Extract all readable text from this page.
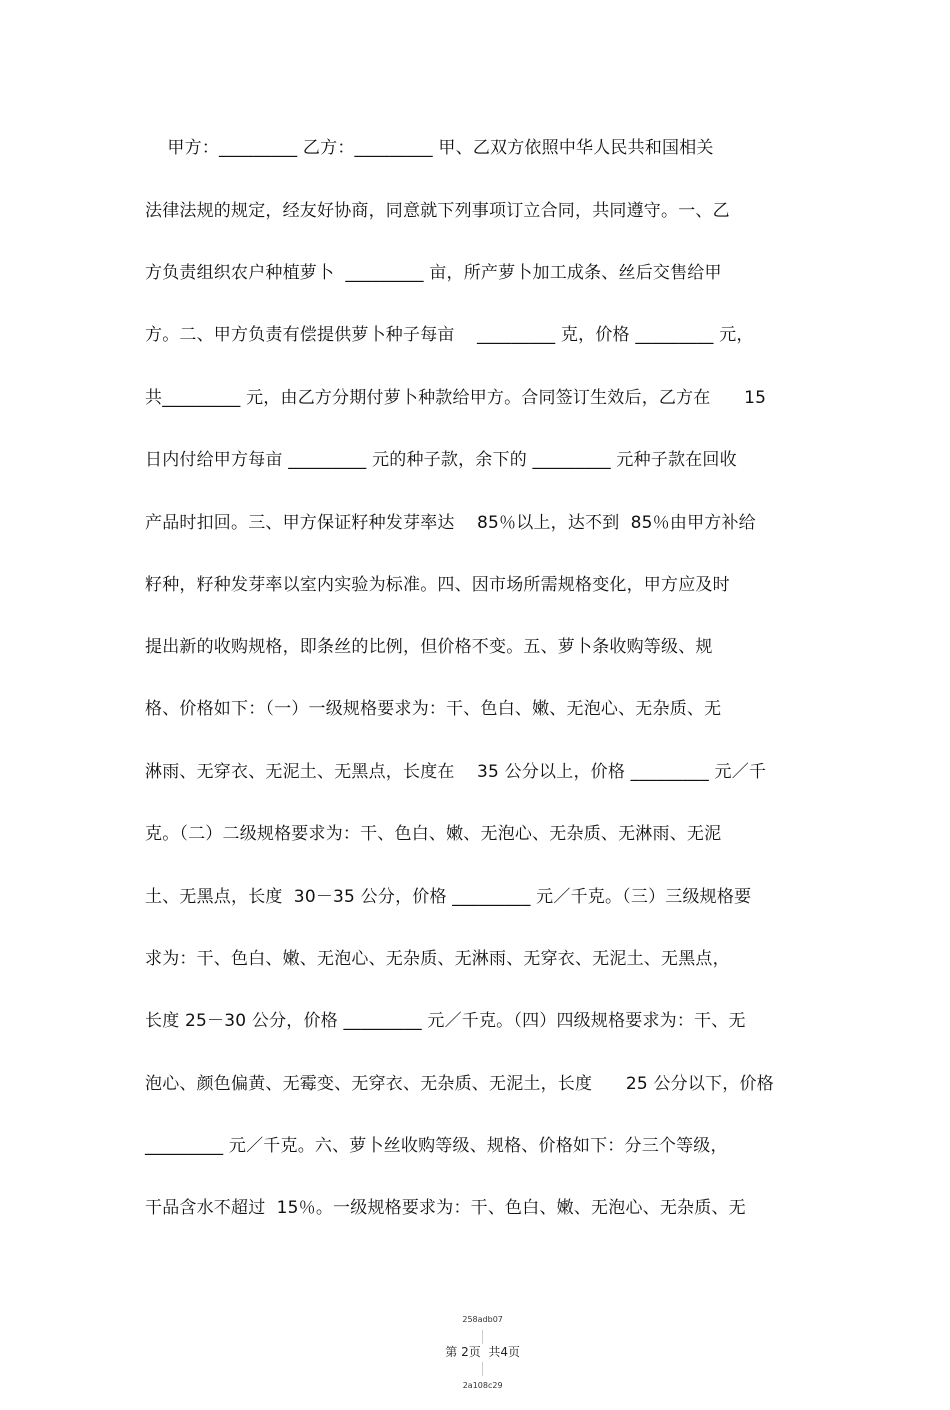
甲方：_________ 乙方：_________ 甲、乙双方依照中华人民共和国相关
法律法规的规定，经友好协商，同意就下列事项订立合同，共同遵守。一、乙
方负责组织农户种植萝卜  _________ 亩，所产萝卜加工成条、丝后交售给甲
方。二、甲方负责有偿提供萝卜种子每亩    _________ 克，价格 _________ 元，
共_________ 元，由乙方分期付萝卜种款给甲方。合同签订生效后，乙方在      15
日内付给甲方每亩 _________ 元的种子款，余下的 _________ 元种子款在回收
产品时扣回。三、甲方保证籽种发芽率达    85％以上，达不到  85％由甲方补给
籽种，籽种发芽率以室内实验为标准。四、因市场所需规格变化，甲方应及时
提出新的收购规格，即条丝的比例，但价格不变。五、萝卜条收购等级、规
格、价格如下：（一）一级规格要求为：干、色白、嫩、无泡心、无杂质、无
淋雨、无穿衣、无泥土、无黑点，长度在    35 公分以上，价格 _________ 元／千
克。（二）二级规格要求为：干、色白、嫩、无泡心、无杂质、无淋雨、无泥
土、无黑点，长度  30－35 公分，价格 _________ 元／千克。（三）三级规格要
求为：干、色白、嫩、无泡心、无杂质、无淋雨、无穿衣、无泥土、无黑点，
长度 25－30 公分，价格 _________ 元／千克。（四）四级规格要求为：干、无
泡心、颜色偏黄、无霉变、无穿衣、无杂质、无泥土，长度      25 公分以下，价格
_________ 元／千克。六、萝卜丝收购等级、规格、价格如下：分三个等级，
干品含水不超过  15％。一级规格要求为：干、色白、嫩、无泡心、无杂质、无

258adb07

第 2页  共4页

2a108c29
